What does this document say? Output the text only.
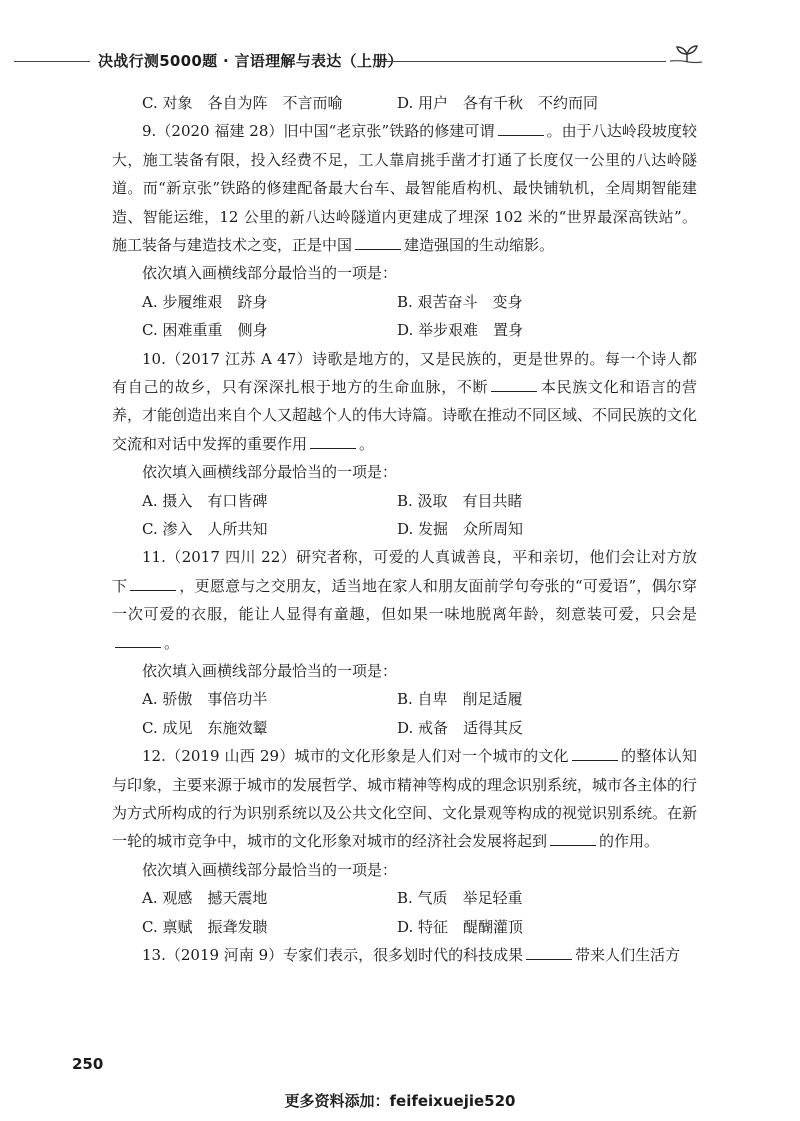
决战行测5000题 · 言语理解与表达（上册）
C. 对象　各自为阵　不言而喻	D. 用户　各有千秋　不约而同
9.（2020 福建 28）旧中国“老京张”铁路的修建可谓	。由于八达岭段坡度较大，施工装备有限，投入经费不足，工人靠肩挑手凿才打通了长度仅一公里的八达岭隧道。而“新京张”铁路的修建配备最大台车、最智能盾构机、最快铺轨机，全周期智能建造、智能运维，12 公里的新八达岭隧道内更建成了埋深 102 米的“世界最深高铁站”。施工装备与建造技术之变，正是中国	建造强国的生动缩影。
依次填入画横线部分最恰当的一项是：
A. 步履维艰　跻身	B. 艰苦奋斗　变身
C. 困难重重　侧身	D. 举步艰难　置身
10.（2017 江苏 A 47）诗歌是地方的，又是民族的，更是世界的。每一个诗人都有自己的故乡，只有深深扎根于地方的生命血脉，不断	本民族文化和语言的营养，才能创造出来自个人又超越个人的伟大诗篇。诗歌在推动不同区域、不同民族的文化交流和对话中发挥的重要作用	。
依次填入画横线部分最恰当的一项是：
A. 摄入　有口皆碑	B. 汲取　有目共睹
C. 渗入　人所共知	D. 发掘　众所周知
11.（2017 四川 22）研究者称，可爱的人真诚善良，平和亲切，他们会让对方放下	，更愿意与之交朋友，适当地在家人和朋友面前学句夸张的“可爱语”，偶尔穿一次可爱的衣服，能让人显得有童趣，但如果一味地脱离年龄，刻意装可爱，只会是。
依次填入画横线部分最恰当的一项是：
A. 骄傲　事倍功半	B. 自卑　削足适履
C. 成见　东施效颦	D. 戒备　适得其反
12.（2019 山西 29）城市的文化形象是人们对一个城市的文化	的整体认知与印象，主要来源于城市的发展哲学、城市精神等构成的理念识别系统，城市各主体的行为方式所构成的行为识别系统以及公共文化空间、文化景观等构成的视觉识别系统。在新一轮的城市竞争中，城市的文化形象对城市的经济社会发展将起到	的作用。
依次填入画横线部分最恰当的一项是：
A. 观感　撼天震地	B. 气质　举足轻重
C. 禀赋　振聋发聩	D. 特征　醍醐灌顶
13.（2019 河南 9）专家们表示，很多划时代的科技成果	带来人们生活方
250
更多资料添加：feifeixuejie520
